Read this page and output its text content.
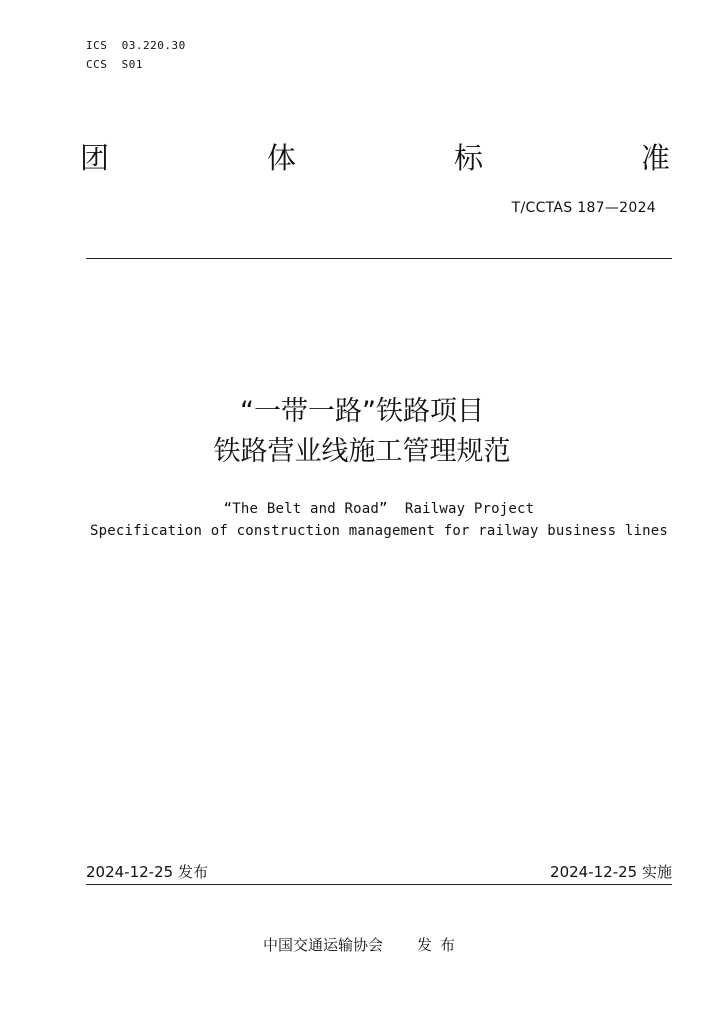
ICS  03.220.30
CCS  S01
团	体	标	准
T/CCTAS 187—2024
“一带一路”铁路项目
铁路营业线施工管理规范
“The Belt and Road”  Railway Project
Specification of construction management for railway business lines
2024-12-25 发布	2024-12-25 实施
中国交通运输协会 发布
